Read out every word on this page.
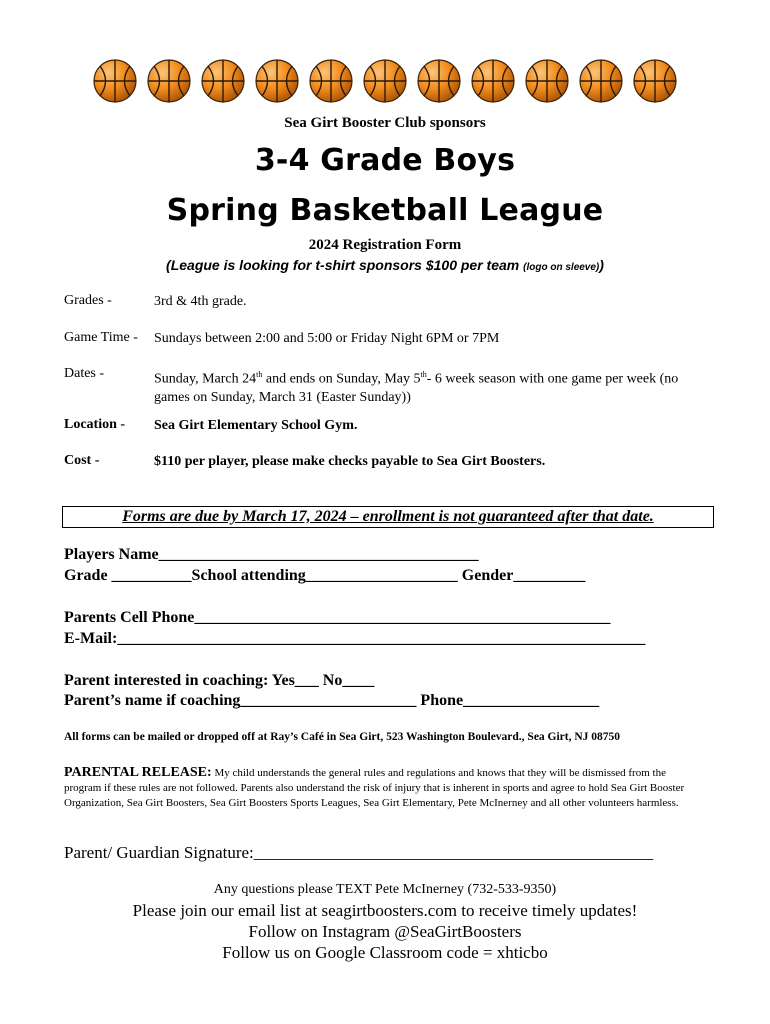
Sea Girt Booster Club sponsors
3-4 Grade Boys
Spring Basketball League
2024 Registration Form
(League is looking for t-shirt sponsors $100 per team (logo on sleeve))
Grades -	3rd & 4th grade.
Game Time - Sundays between 2:00 and 5:00 or Friday Night 6PM or 7PM
Dates -	Sunday, March 24th and ends on Sunday, May 5th- 6 week season with one game per week (no games on Sunday, March 31 (Easter Sunday))
Location - Sea Girt Elementary School Gym.
Cost -	$110 per player, please make checks payable to Sea Girt Boosters.
Forms are due by March 17, 2024 – enrollment is not guaranteed after that date.
Players Name________________________________________
Grade __________School attending___________________ Gender_________
Parents Cell Phone____________________________________________________
E-Mail:__________________________________________________________________
Parent interested in coaching: Yes___ No____
Parent’s name if coaching______________________ Phone_________________
All forms can be mailed or dropped off at Ray’s Café in Sea Girt, 523 Washington Boulevard., Sea Girt, NJ 08750
PARENTAL RELEASE: My child understands the general rules and regulations and knows that they will be dismissed from the program if these rules are not followed. Parents also understand the risk of injury that is inherent in sports and agree to hold Sea Girt Booster Organization, Sea Girt Boosters, Sea Girt Boosters Sports Leagues, Sea Girt Elementary, Pete McInerney and all other volunteers harmless.
Parent/ Guardian Signature:_______________________________________________
Any questions please TEXT Pete McInerney (732-533-9350)
Please join our email list at seagirtboosters.com to receive timely updates!
Follow on Instagram @SeaGirtBoosters
Follow us on Google Classroom code = xhticbo
